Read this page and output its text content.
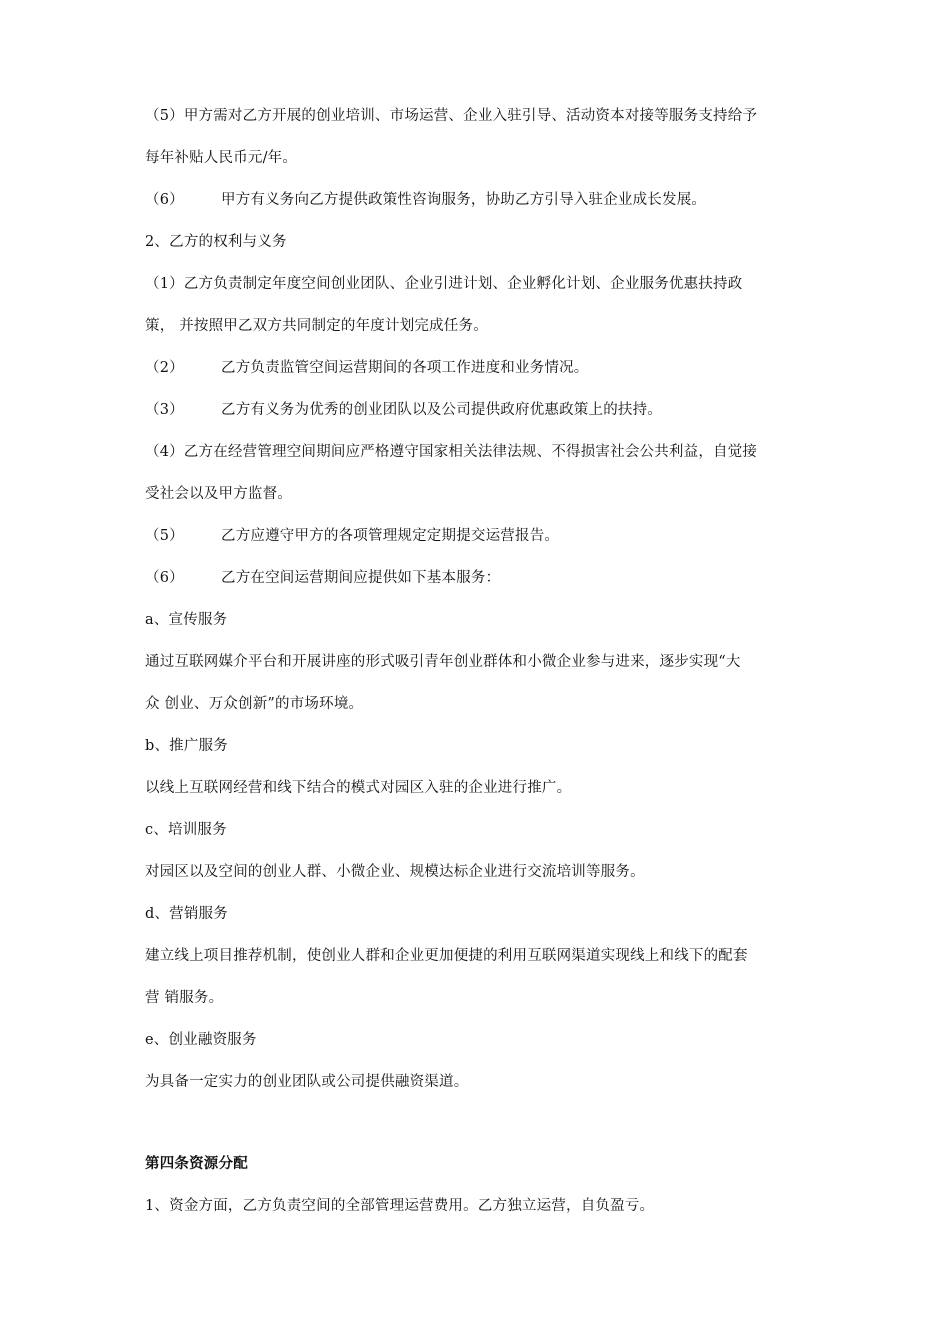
（5）甲方需对乙方开展的创业培训、市场运营、企业入驻引导、活动资本对接等服务支持给予
每年补贴人民币元/年。
（6）	甲方有义务向乙方提供政策性咨询服务，协助乙方引导入驻企业成长发展。
2、乙方的权利与义务
（1）乙方负责制定年度空间创业团队、企业引进计划、企业孵化计划、企业服务优惠扶持政
策， 并按照甲乙双方共同制定的年度计划完成任务。
（2）	乙方负责监管空间运营期间的各项工作进度和业务情况。
（3）	乙方有义务为优秀的创业团队以及公司提供政府优惠政策上的扶持。
（4）乙方在经营管理空间期间应严格遵守国家相关法律法规、不得损害社会公共利益，自觉接
受社会以及甲方监督。
（5）	乙方应遵守甲方的各项管理规定定期提交运营报告。
（6）	乙方在空间运营期间应提供如下基本服务：
a、宣传服务
通过互联网媒介平台和开展讲座的形式吸引青年创业群体和小微企业参与进来，逐步实现“大
众 创业、万众创新”的市场环境。
b、推广服务
以线上互联网经营和线下结合的模式对园区入驻的企业进行推广。
c、培训服务
对园区以及空间的创业人群、小微企业、规模达标企业进行交流培训等服务。
d、营销服务
建立线上项目推荐机制，使创业人群和企业更加便捷的利用互联网渠道实现线上和线下的配套
营 销服务。
e、创业融资服务
为具备一定实力的创业团队或公司提供融资渠道。
第四条资源分配
1、资金方面，乙方负责空间的全部管理运营费用。乙方独立运营，自负盈亏。
